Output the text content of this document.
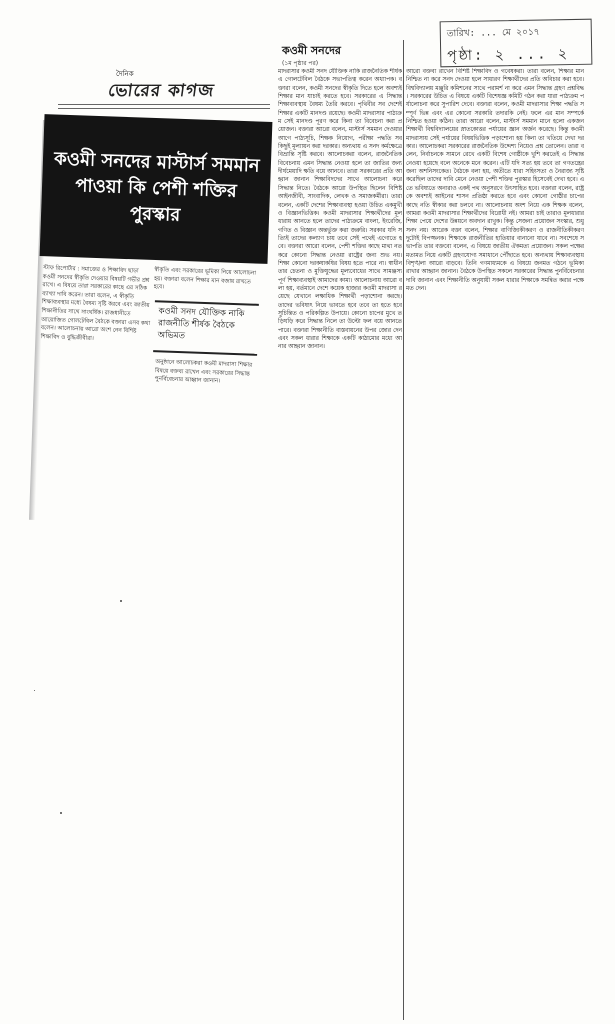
দৈনিক
ভোরের কাগজ
কওমী সনদের মাস্টার্স সমমান পাওয়া কি পেশী শক্তির পুরস্কার
স্টাফ রিপোর্টার : সমাজের ও শিক্ষাবিদ ছাড়া কওমী সনদের স্বীকৃতি দেওয়ার বিষয়টি গভীর প্রশ্ন রাখে। এ বিষয়ে তারা সরকারের কাছে এর সঠিক ব্যাখ্যা দাবি করেন। তারা বলেন, এ স্বীকৃতি শিক্ষাব্যবস্থার মধ্যে বৈষম্য সৃষ্টি করবে এবং জাতীয় শিক্ষানীতির সাথে সাংঘর্ষিক। রাজধানীতে আয়োজিত গোলটেবিল বৈঠকে বক্তারা এসব কথা বলেন। আলোচনায় আরো অংশ নেন বিশিষ্ট শিক্ষাবিদ ও বুদ্ধিজীবীরা।
স্বীকৃতি এবং সরকারের ভূমিকা নিয়ে আলোচনা হয়। বক্তারা বলেন শিক্ষার মান বজায় রাখতে হবে।
কওমী সনদ যৌক্তিক নাকি রাজনীতি শীর্ষক বৈঠকে অভিমত
অনুষ্ঠানে আলোচকরা কওমী মাদরাসা শিক্ষার বিষয়ে বক্তব্য রাখেন এবং সরকারের সিদ্ধান্ত পুনর্বিবেচনার আহ্বান জানান।
কওমী সনদের
(১ম পৃষ্ঠার পর)
মাদরাসার কওমী সনদ যৌক্তিক নাকি রাজনৈতিক শীর্ষক এ গোলটেবিল বৈঠকে সভাপতিত্ব করেন অধ্যাপক। বক্তারা বলেন, কওমী সনদের স্বীকৃতি দিতে হলে অবশ্যই শিক্ষার মান যাচাই করতে হবে। সরকারের এ সিদ্ধান্ত শিক্ষাব্যবস্থায় বৈষম্য তৈরি করবে। পৃথিবীর সব দেশেই শিক্ষার একটি মানদণ্ড রয়েছে। কওমী মাদরাসার পাঠ্যক্রম সেই মানদণ্ড পূরণ করে কিনা তা বিবেচনা করা প্রয়োজন। বক্তারা আরো বলেন, মাস্টার্স সমমান দেওয়ার আগে পাঠ্যসূচি, শিক্ষক নিয়োগ, পরীক্ষা পদ্ধতি সবকিছুই মূল্যায়ন করা দরকার। অন্যথায় এ সনদ কর্মক্ষেত্রে বিভ্রান্তি সৃষ্টি করবে। আলোচকরা বলেন, রাজনৈতিক বিবেচনায় এমন সিদ্ধান্ত নেওয়া হলে তা জাতির জন্য দীর্ঘমেয়াদি ক্ষতি বয়ে আনবে। তারা সরকারের প্রতি আহ্বান জানান শিক্ষাবিদদের সাথে আলোচনা করে সিদ্ধান্ত নিতে। বৈঠকে আরো উপস্থিত ছিলেন বিশিষ্ট আইনজীবী, সাংবাদিক, লেখক ও সমাজকর্মীরা। তারা বলেন, একটি দেশের শিক্ষাব্যবস্থা হওয়া উচিত একমুখী ও বিজ্ঞানভিত্তিক। কওমী মাদরাসার শিক্ষার্থীদের মূলধারায় আনতে হলে তাদের পাঠ্যক্রমে বাংলা, ইংরেজি, গণিত ও বিজ্ঞান অন্তর্ভুক্ত করা জরুরি। সরকার যদি সত্যিই তাদের কল্যাণ চায় তবে সেই পথেই এগোতে হবে। বক্তারা আরো বলেন, পেশী শক্তির কাছে মাথা নত করে কোনো সিদ্ধান্ত নেওয়া রাষ্ট্রের জন্য শুভ নয়। শিক্ষা কোনো দরকষাকষির বিষয় হতে পারে না। স্বাধীনতার চেতনা ও মুক্তিযুদ্ধের মূল্যবোধের সাথে সামঞ্জস্যপূর্ণ শিক্ষাব্যবস্থাই আমাদের কাম্য। আলোচনায় আরো বলা হয়, বর্তমানে দেশে কয়েক হাজার কওমী মাদরাসা রয়েছে যেখানে লক্ষাধিক শিক্ষার্থী পড়াশোনা করছে। তাদের ভবিষ্যৎ নিয়ে ভাবতে হবে তবে তা হতে হবে সুচিন্তিত ও পরিকল্পিত উপায়ে। কোনো চাপের মুখে তড়িঘড়ি করে সিদ্ধান্ত নিলে তা উল্টো ফল বয়ে আনতে পারে। বক্তারা শিক্ষানীতি বাস্তবায়নের উপর জোর দেন এবং সকল ধারার শিক্ষাকে একটি কাঠামোর মধ্যে আনার আহ্বান জানান।
আরো বক্তব্য রাখেন বিশিষ্ট শিক্ষাবিদ ও গবেষকরা। তারা বলেন, শিক্ষার মান নিশ্চিত না করে সনদ দেওয়া হলে সাধারণ শিক্ষার্থীদের প্রতি অবিচার করা হবে। বিশ্ববিদ্যালয় মঞ্জুরি কমিশনের সাথে পরামর্শ না করে এমন সিদ্ধান্ত গ্রহণ প্রশ্নবিদ্ধ। সরকারের উচিত এ বিষয়ে একটি বিশেষজ্ঞ কমিটি গঠন করা যারা পাঠ্যক্রম পর্যালোচনা করে সুপারিশ দেবে। বক্তারা বলেন, কওমী মাদরাসার শিক্ষা পদ্ধতি সম্পূর্ণ ভিন্ন এবং এর কোনো সরকারি তদারকি নেই। ফলে এর মান সম্পর্কে নিশ্চিত হওয়া কঠিন। তারা আরো বলেন, মাস্টার্স সমমান মানে হলো একজন শিক্ষার্থী বিশ্ববিদ্যালয়ের স্নাতকোত্তর পর্যায়ের জ্ঞান অর্জন করেছে। কিন্তু কওমী মাদরাসায় সেই পর্যায়ের বিষয়ভিত্তিক পড়াশোনা হয় কিনা তা খতিয়ে দেখা দরকার। আলোচকরা সরকারের রাজনৈতিক উদ্দেশ্য নিয়েও প্রশ্ন তোলেন। তারা বলেন, নির্বাচনকে সামনে রেখে একটি বিশেষ গোষ্ঠীকে খুশি করতেই এ সিদ্ধান্ত নেওয়া হয়েছে বলে অনেকে মনে করেন। এটি যদি সত্য হয় তবে তা গণতন্ত্রের জন্য অশনিসংকেত। বৈঠকে বলা হয়, অতীতে যারা সহিংসতা ও নৈরাজ্য সৃষ্টি করেছিল তাদের দাবি মেনে নেওয়া পেশী শক্তির পুরস্কার হিসেবেই দেখা হবে। এতে ভবিষ্যতে অন্যরাও একই পথ অনুসরণে উৎসাহিত হবে। বক্তারা বলেন, রাষ্ট্রকে অবশ্যই আইনের শাসন প্রতিষ্ঠা করতে হবে এবং কোনো গোষ্ঠীর চাপের কাছে নতি স্বীকার করা চলবে না। আলোচনায় অংশ নিয়ে এক শিক্ষক বলেন, আমরা কওমী মাদরাসার শিক্ষার্থীদের বিরোধী নই। আমরা চাই তারাও মূলধারার শিক্ষা পেয়ে দেশের উন্নয়নে অবদান রাখুক। কিন্তু সেজন্য প্রয়োজন সংস্কার, শুধু সনদ নয়। আরেক বক্তা বলেন, শিক্ষার বাণিজ্যিকীকরণ ও রাজনীতিকীকরণ দুটোই বিপজ্জনক। শিক্ষাকে রাজনীতির হাতিয়ার বানানো যাবে না। সবশেষে সভাপতি তার বক্তব্যে বলেন, এ বিষয়ে জাতীয় ঐকমত্য প্রয়োজন। সকল পক্ষের মতামত নিয়ে একটি গ্রহণযোগ্য সমাধানে পৌঁছাতে হবে। অন্যথায় শিক্ষাব্যবস্থায় বিশৃঙ্খলা আরো বাড়বে। তিনি গণমাধ্যমকে এ বিষয়ে জনমত গঠনে ভূমিকা রাখার আহ্বান জানান। বৈঠকে উপস্থিত সকলে সরকারের সিদ্ধান্ত পুনর্বিবেচনার দাবি জানান এবং শিক্ষানীতি অনুযায়ী সকল ধারার শিক্ষাকে সমন্বিত করার পক্ষে মত দেন।
তারিখ: ... মে ২০১৭
পৃষ্ঠা: ২ ... ২
